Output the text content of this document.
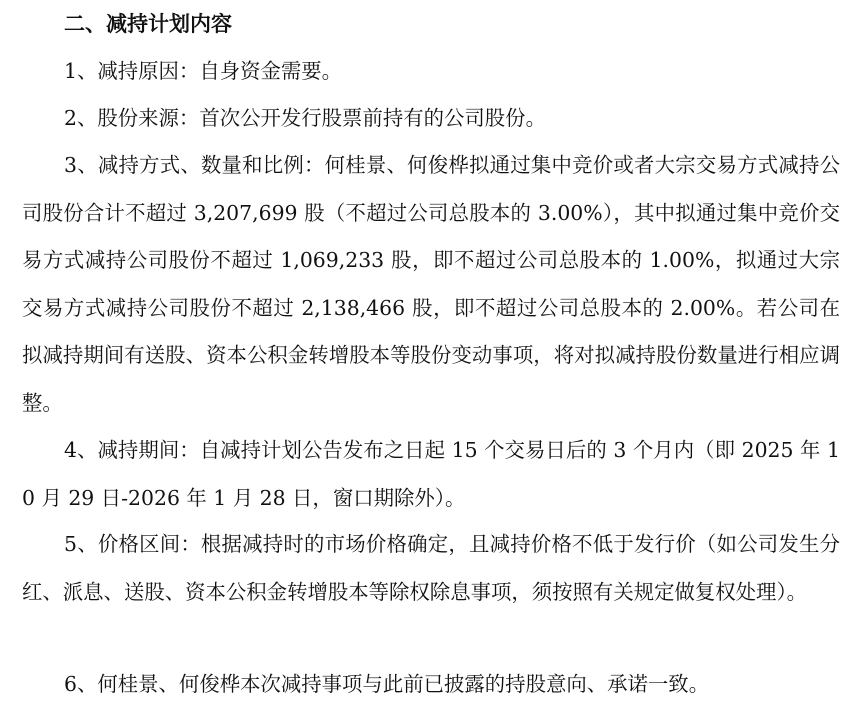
二、减持计划内容

1、减持原因：自身资金需要。

2、股份来源：首次公开发行股票前持有的公司股份。

3、减持方式、数量和比例：何桂景、何俊桦拟通过集中竞价或者大宗交易方式减持公司股份合计不超过 3,207,699 股（不超过公司总股本的 3.00%），其中拟通过集中竞价交易方式减持公司股份不超过 1,069,233 股，即不超过公司总股本的 1.00%，拟通过大宗交易方式减持公司股份不超过 2,138,466 股，即不超过公司总股本的 2.00%。若公司在拟减持期间有送股、资本公积金转增股本等股份变动事项，将对拟减持股份数量进行相应调整。

4、减持期间：自减持计划公告发布之日起 15 个交易日后的 3 个月内（即 2025 年 10 月 29 日-2026 年 1 月 28 日，窗口期除外）。

5、价格区间：根据减持时的市场价格确定，且减持价格不低于发行价（如公司发生分红、派息、送股、资本公积金转增股本等除权除息事项，须按照有关规定做复权处理）。

6、何桂景、何俊桦本次减持事项与此前已披露的持股意向、承诺一致。
